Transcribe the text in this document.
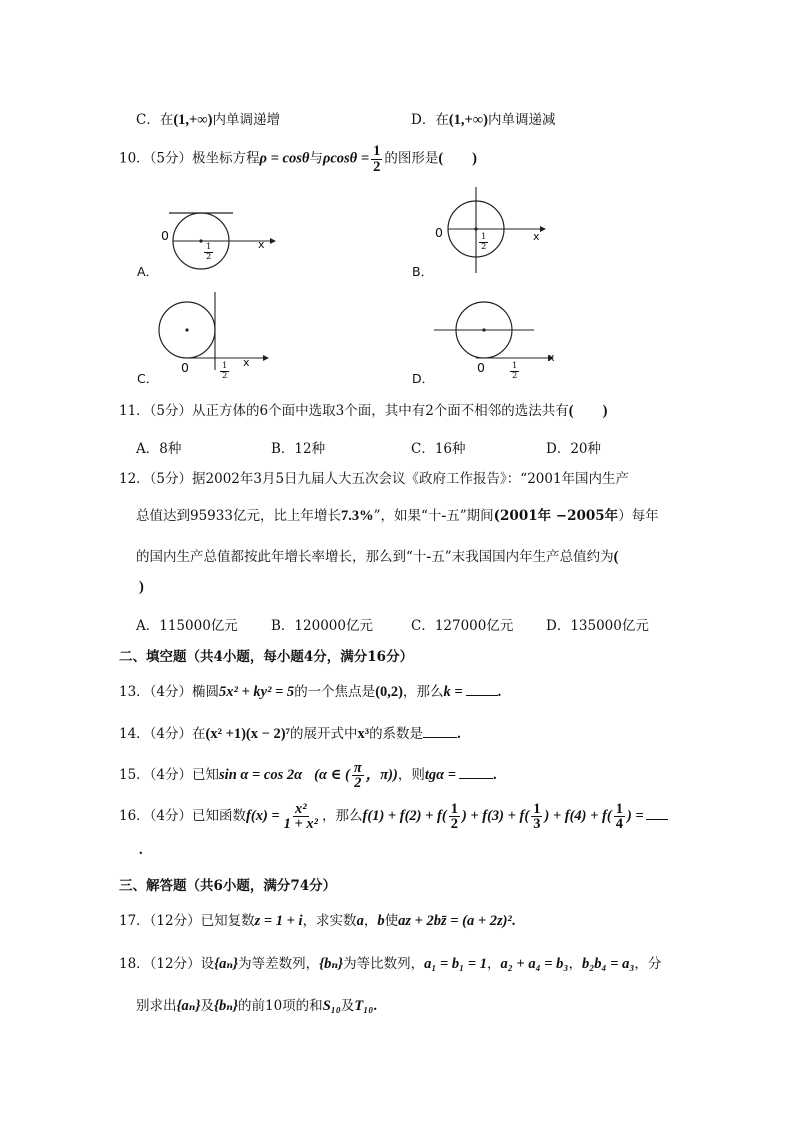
C．在(1,+∞)内单调递增	D．在(1,+∞)内单调递减
10．（5分）极坐标方程ρ = cosθ与$\rho\cos\theta = \frac{1}{2}$ 的图形是(　　)
0
x
$\frac{1}{2}$
A．
0	x
$\frac{1}{2}$
B．
0	x
$\frac{1}{2}$
C．
0
x
$\frac{1}{2}$
D．
11．（5分）从正方体的6个面中选取3个面，其中有2个面不相邻的选法共有(　　)
A．8种	B．12种	C．16种	D．20种
12．（5分）据2002年3月5日九届人大五次会议《政府工作报告》：“2001年国内生产
总值达到95933亿元，比上年增长7.3%”，如果“十-五”期间(2001年 −2005年）每年
的国内生产总值都按此年增长率增长，那么到“十-五”末我国国内年生产总值约为(
)
A．115000亿元 B．120000亿元	C．127000亿元 D．135000亿元
二、填空题（共4小题，每小题4分，满分16分）
13．（4分）椭圆5x² + ky² = 5的一个焦点是(0,2)，那么k = .
14．（4分）在(x² +1)(x − 2)⁷的展开式中x³的系数是 .
15．（4分）已知sin α = cos 2α (α ∈ ( $\frac{\pi}{2}$ ，π))，则tgα =	.
16．（4分）已知函数$f(x) = \frac{\text{x²}}{\text{1 + x²}}$ ，那么$f(1) + f(2) + f( \frac{1}{2}$ ) + $f(3) + f( \frac{1}{3}$ ) + $f(4) + f( \frac{1}{4}$ ) =
.
三、解答题（共6小题，满分74分）
17．（12分）已知复数z = 1 + i，求实数a，b使az + 2bz̄ = (a + 2z)².
18．（12分）设{aₙ}为等差数列，{bₙ}为等比数列，a₁ = b₁ = 1，a₂ + a₄ = b₃，b₂b₄ = a₃，分
别求出{aₙ}及{bₙ}的前10项的和S₁₀及T₁₀.
